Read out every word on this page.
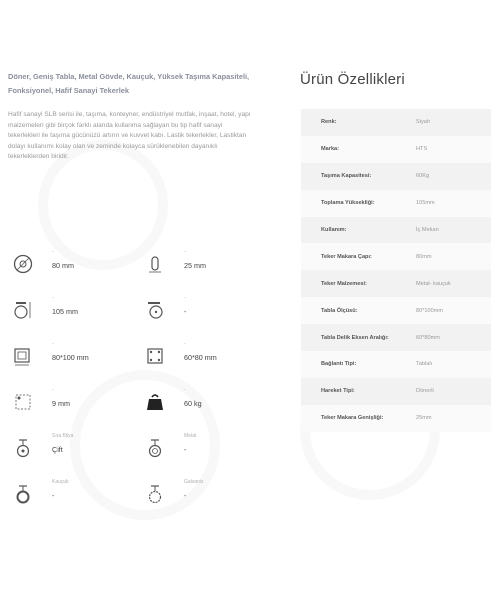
Döner, Geniş Tabla, Metal Gövde, Kauçuk, Yüksek Taşıma Kapasiteli, Fonksiyonel, Hafif Sanayi Tekerlek

Hafif sanayi SLB serisi ile, taşıma, konteyner, endüstriyel mutfak, inşaat, hotel, yapı malzemeleri gibi birçok farklı alanda kullanma sağlayan bu tip hafif sanayi tekerlekleri ile taşıma gücünüzü artırın ve kuvvet kabı. Lastik tekerlekler, Lastiktan dolayı kullanımı kolay olan ve zeminde kolayca sürüklenebilen dayanıklı tekerleklerden biridir.
-
80 mm
-
25 mm
-
105 mm
-
-
-
80*100 mm
-
60*80 mm
-
9 mm
-
60 kg
Sıra Bilya
Çift
Metal
-
Kauçuk
-
Galvaniz
-
Ürün Özellikleri
Renk:	Siyah
Marka:	HTS
Taşıma Kapasitesi:	60Kg
Toplama Yüksekliği:	105mm
Kullanım:	İç Mekan
Teker Makara Çapı:	80mm
Teker Malzemesi:	Metal- kauçuk
Tabla Ölçüsü:	80*100mm
Tabla Delik Eksen Aralığı:	60*80mm
Bağlantı Tipi:	Tablalı
Hareket Tipi:	Dönerli
Teker Makara Genişliği:	25mm
